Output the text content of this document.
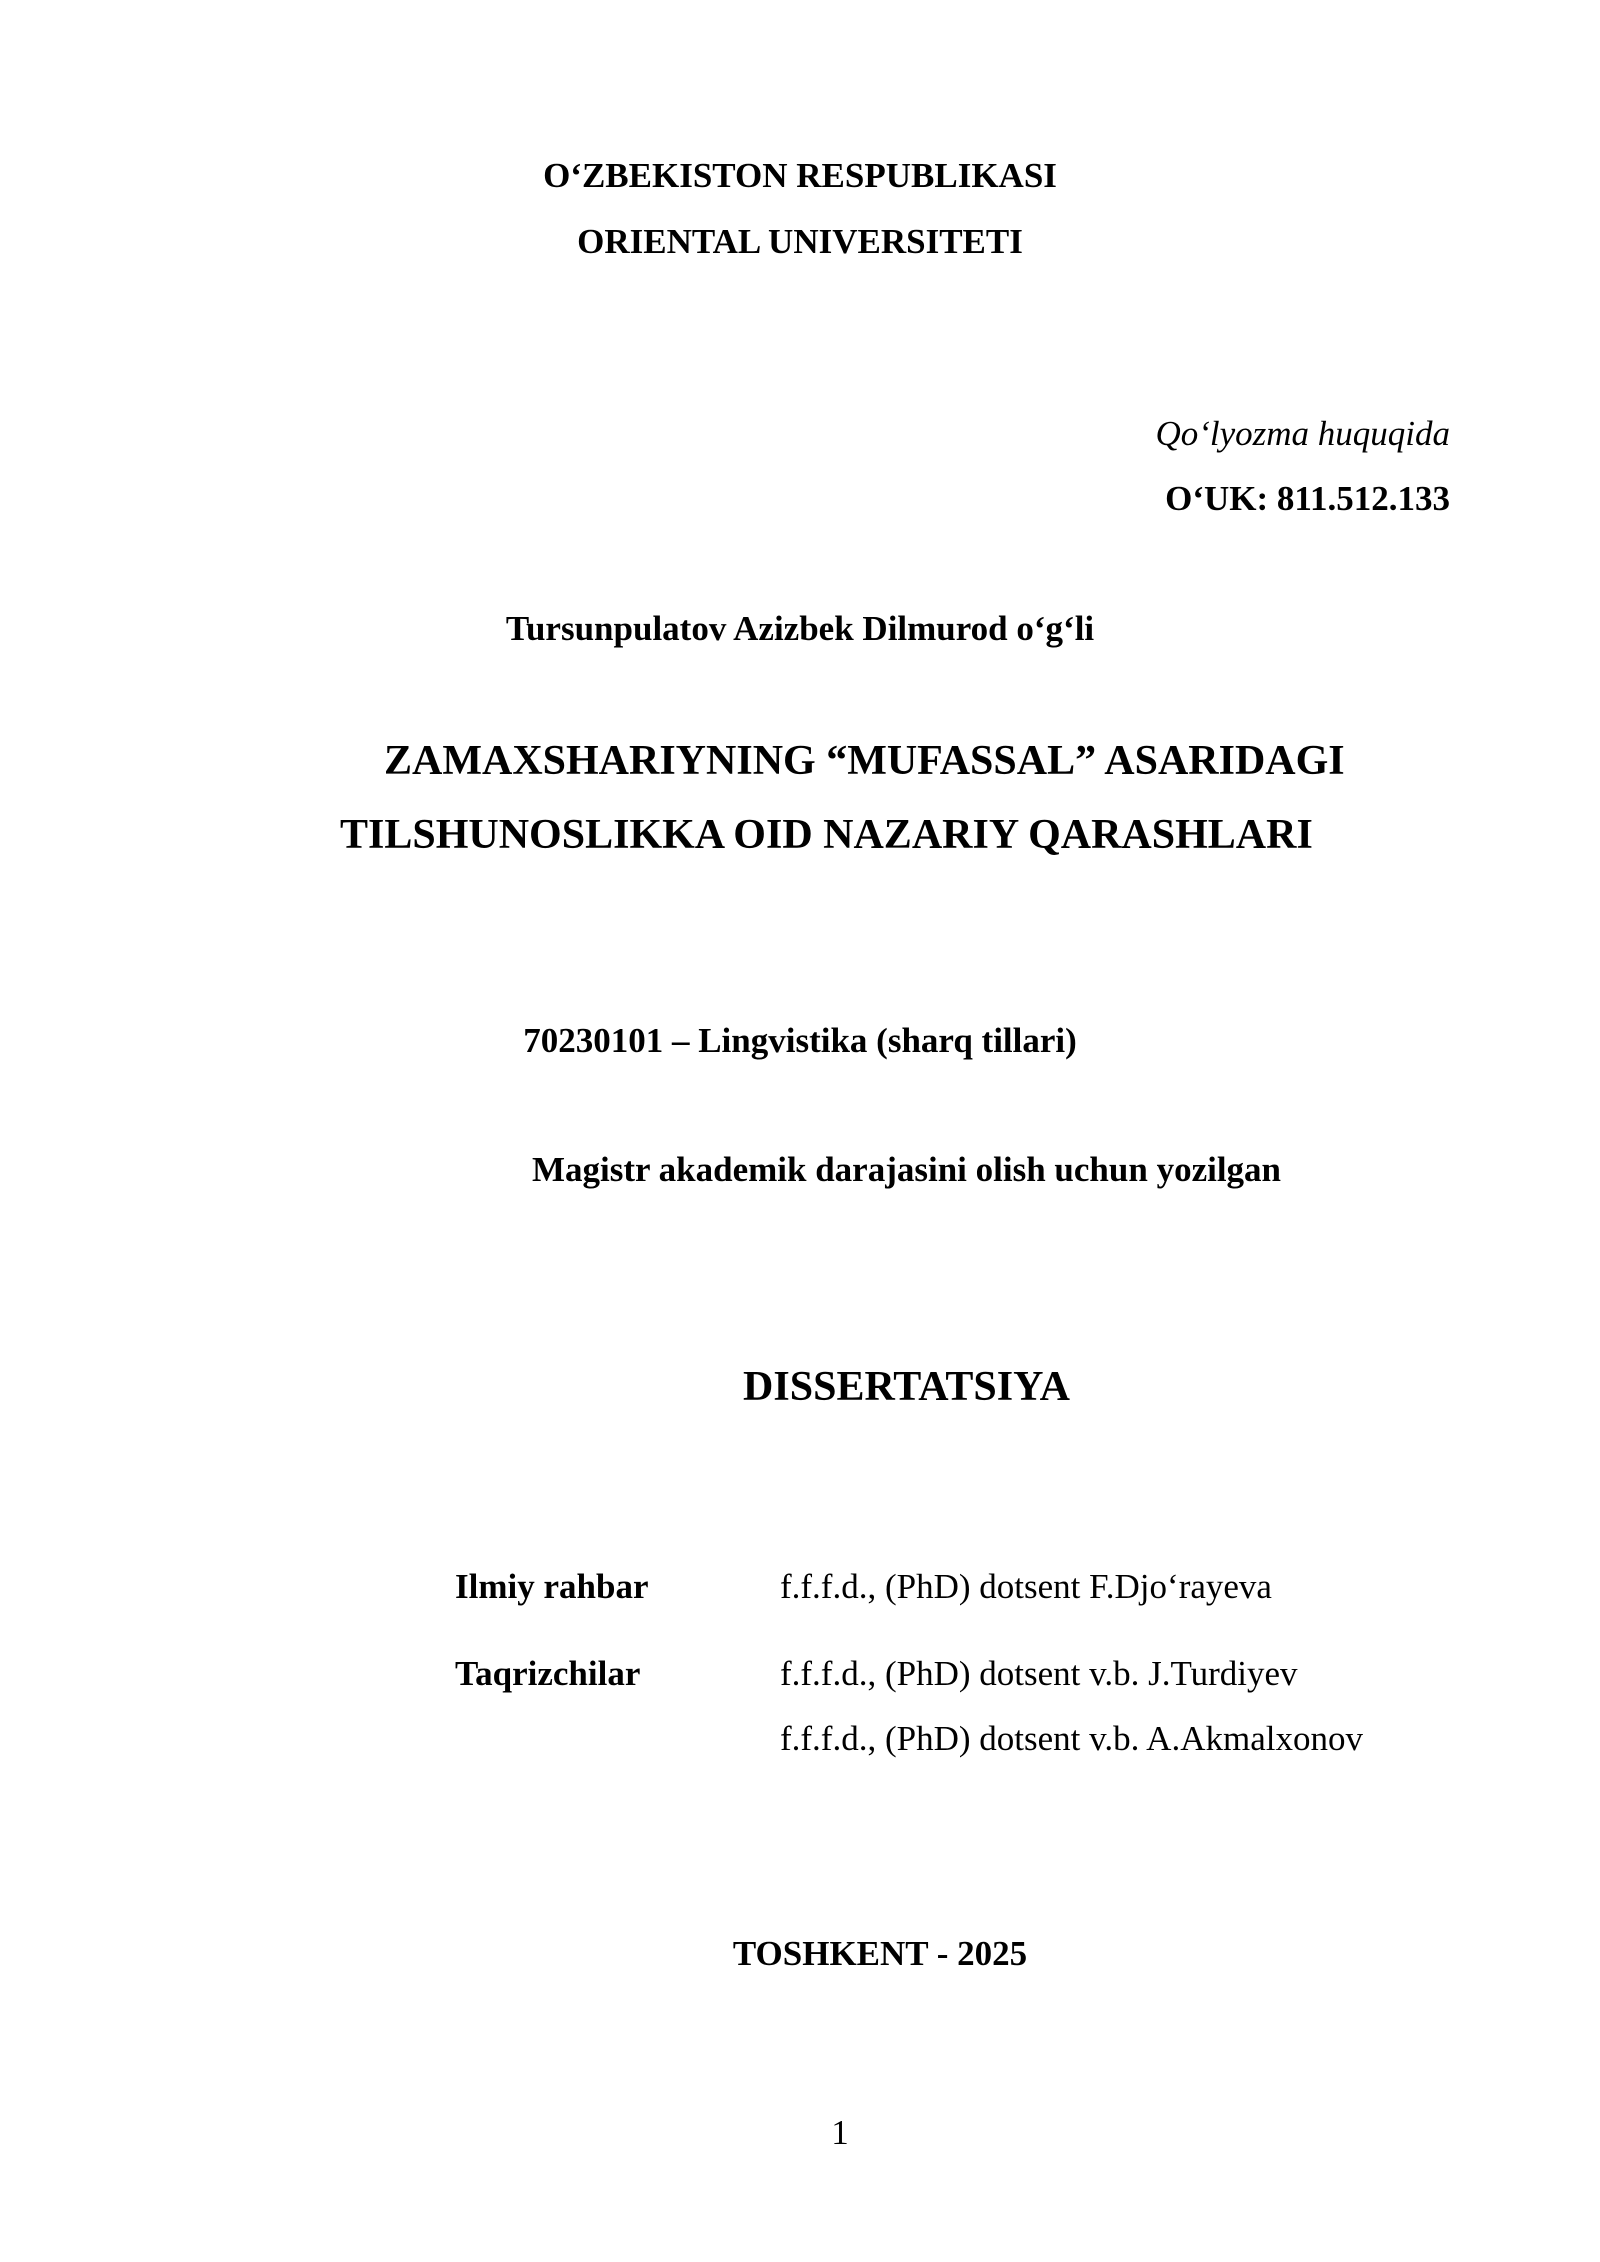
O‘ZBEKISTON RESPUBLIKASI
ORIENTAL UNIVERSITETI
Qo‘lyozma huquqida
O‘UK: 811.512.133
Tursunpulatov Azizbek Dilmurod o‘g‘li
ZAMAXSHARIYNING “MUFASSAL” ASARIDAGI
TILSHUNOSLIKKA OID NAZARIY QARASHLARI
70230101 – Lingvistika (sharq tillari)
Magistr akademik darajasini olish uchun yozilgan
DISSERTATSIYA
Ilmiy rahbar	f.f.f.d., (PhD) dotsent F.Djo‘rayeva
Taqrizchilar	f.f.f.d., (PhD) dotsent v.b. J.Turdiyev
f.f.f.d., (PhD) dotsent v.b. A.Akmalxonov
TOSHKENT - 2025
1
